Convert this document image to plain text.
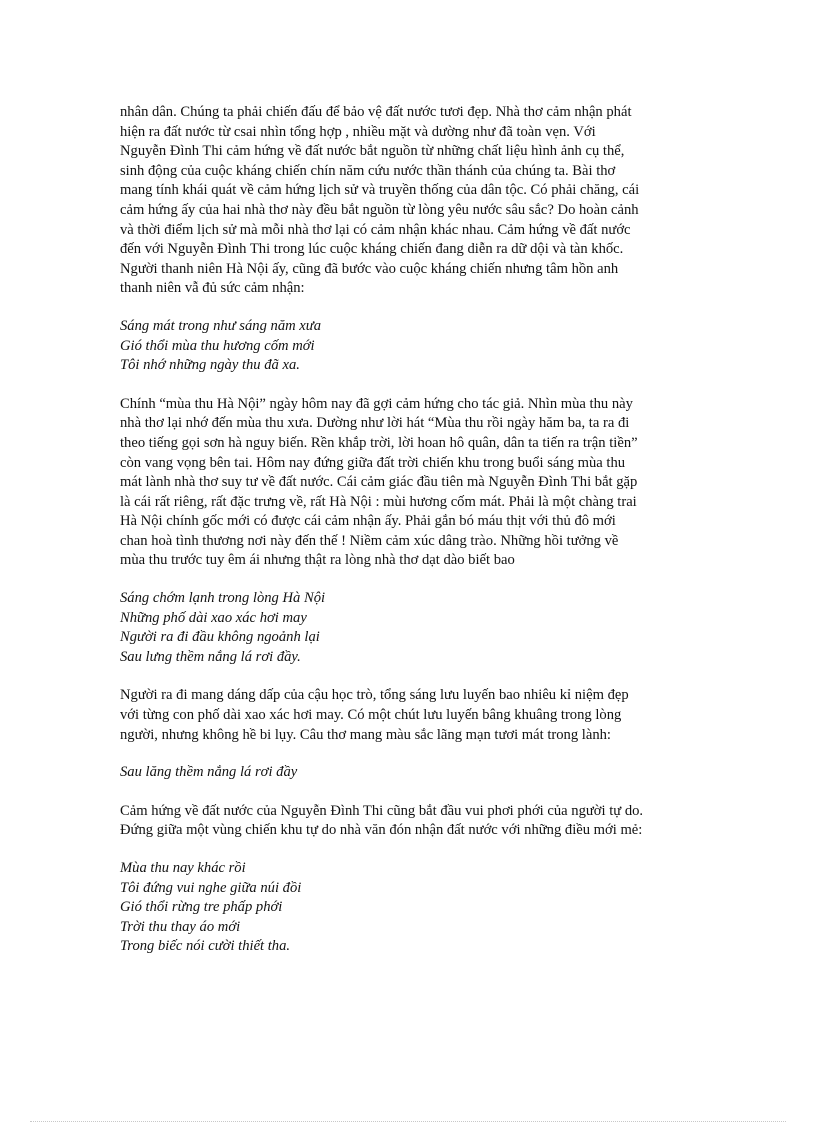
nhân dân. Chúng ta phải chiến đấu để bảo vệ đất nước tươi đẹp. Nhà thơ cảm nhận phát
hiện ra đất nước từ csai nhìn tổng hợp , nhiều mặt và dường như đã toàn vẹn. Với
Nguyễn Đình Thi cảm hứng về đất nước bắt nguồn từ những chất liệu hình ảnh cụ thể,
sinh động của cuộc kháng chiến chín năm cứu nước thần thánh của chúng ta. Bài thơ
mang tính khái quát về cảm hứng lịch sử và truyền thống của dân tộc. Có phải chăng, cái
cảm hứng ấy của hai nhà thơ này đều bắt nguồn từ lòng yêu nước sâu sắc? Do hoàn cảnh
và thời điểm lịch sử mà mỗi nhà thơ lại có cảm nhận khác nhau. Cảm hứng về đất nước
đến với Nguyễn Đình Thi trong lúc cuộc kháng chiến đang diễn ra dữ dội và tàn khốc.
Người thanh niên Hà Nội ấy, cũng đã bước vào cuộc kháng chiến nhưng tâm hồn anh
thanh niên vẫ đủ sức cảm nhận:
Sáng mát trong như sáng năm xưa
Gió thổi mùa thu hương cốm mới
Tôi nhớ những ngày thu đã xa.
Chính “mùa thu Hà Nội” ngày hôm nay đã gợi cảm hứng cho tác giả. Nhìn mùa thu này
nhà thơ lại nhớ đến mùa thu xưa. Dường như lời hát “Mùa thu rồi ngày hăm ba, ta ra đi
theo tiếng gọi sơn hà nguy biến. Rền khắp trời, lời hoan hô quân, dân ta tiến ra trận tiền”
còn vang vọng bên tai. Hôm nay đứng giữa đất trời chiến khu trong buổi sáng mùa thu
mát lành nhà thơ suy tư về đất nước. Cái cảm giác đầu tiên mà Nguyễn Đình Thi bắt gặp
là cái rất riêng, rất đặc trưng về, rất Hà Nội : mùi hương cốm mát. Phải là một chàng trai
Hà Nội chính gốc mới có được cái cảm nhận ấy. Phải gắn bó máu thịt với thủ đô mới
chan hoà tình thương nơi này đến thế ! Niềm cảm xúc dâng trào. Những hồi tưởng về
mùa thu trước tuy êm ái nhưng thật ra lòng nhà thơ dạt dào biết bao
Sáng chớm lạnh trong lòng Hà Nội
Những phố dài xao xác hơi may
Người ra đi đầu không ngoảnh lại
Sau lưng thềm nắng lá rơi đầy.
Người ra đi mang dáng dấp của cậu học trò, tổng sáng lưu luyến bao nhiêu kỉ niệm đẹp
với từng con phố dài xao xác hơi may. Có một chút lưu luyến bâng khuâng trong lòng
người, nhưng không hề bi lụy. Câu thơ mang màu sắc lãng mạn tươi mát trong lành:
Sau lăng thềm nắng lá rơi đầy
Cảm hứng về đất nước của Nguyễn Đình Thi cũng bắt đầu vui phơi phới của người tự do.
Đứng giữa một vùng chiến khu tự do nhà văn đón nhận đất nước với những điều mới mẻ:
Mùa thu nay khác rồi
Tôi đứng vui nghe giữa núi đồi
Gió thổi rừng tre phấp phới
Trời thu thay áo mới
Trong biếc nói cười thiết tha.
